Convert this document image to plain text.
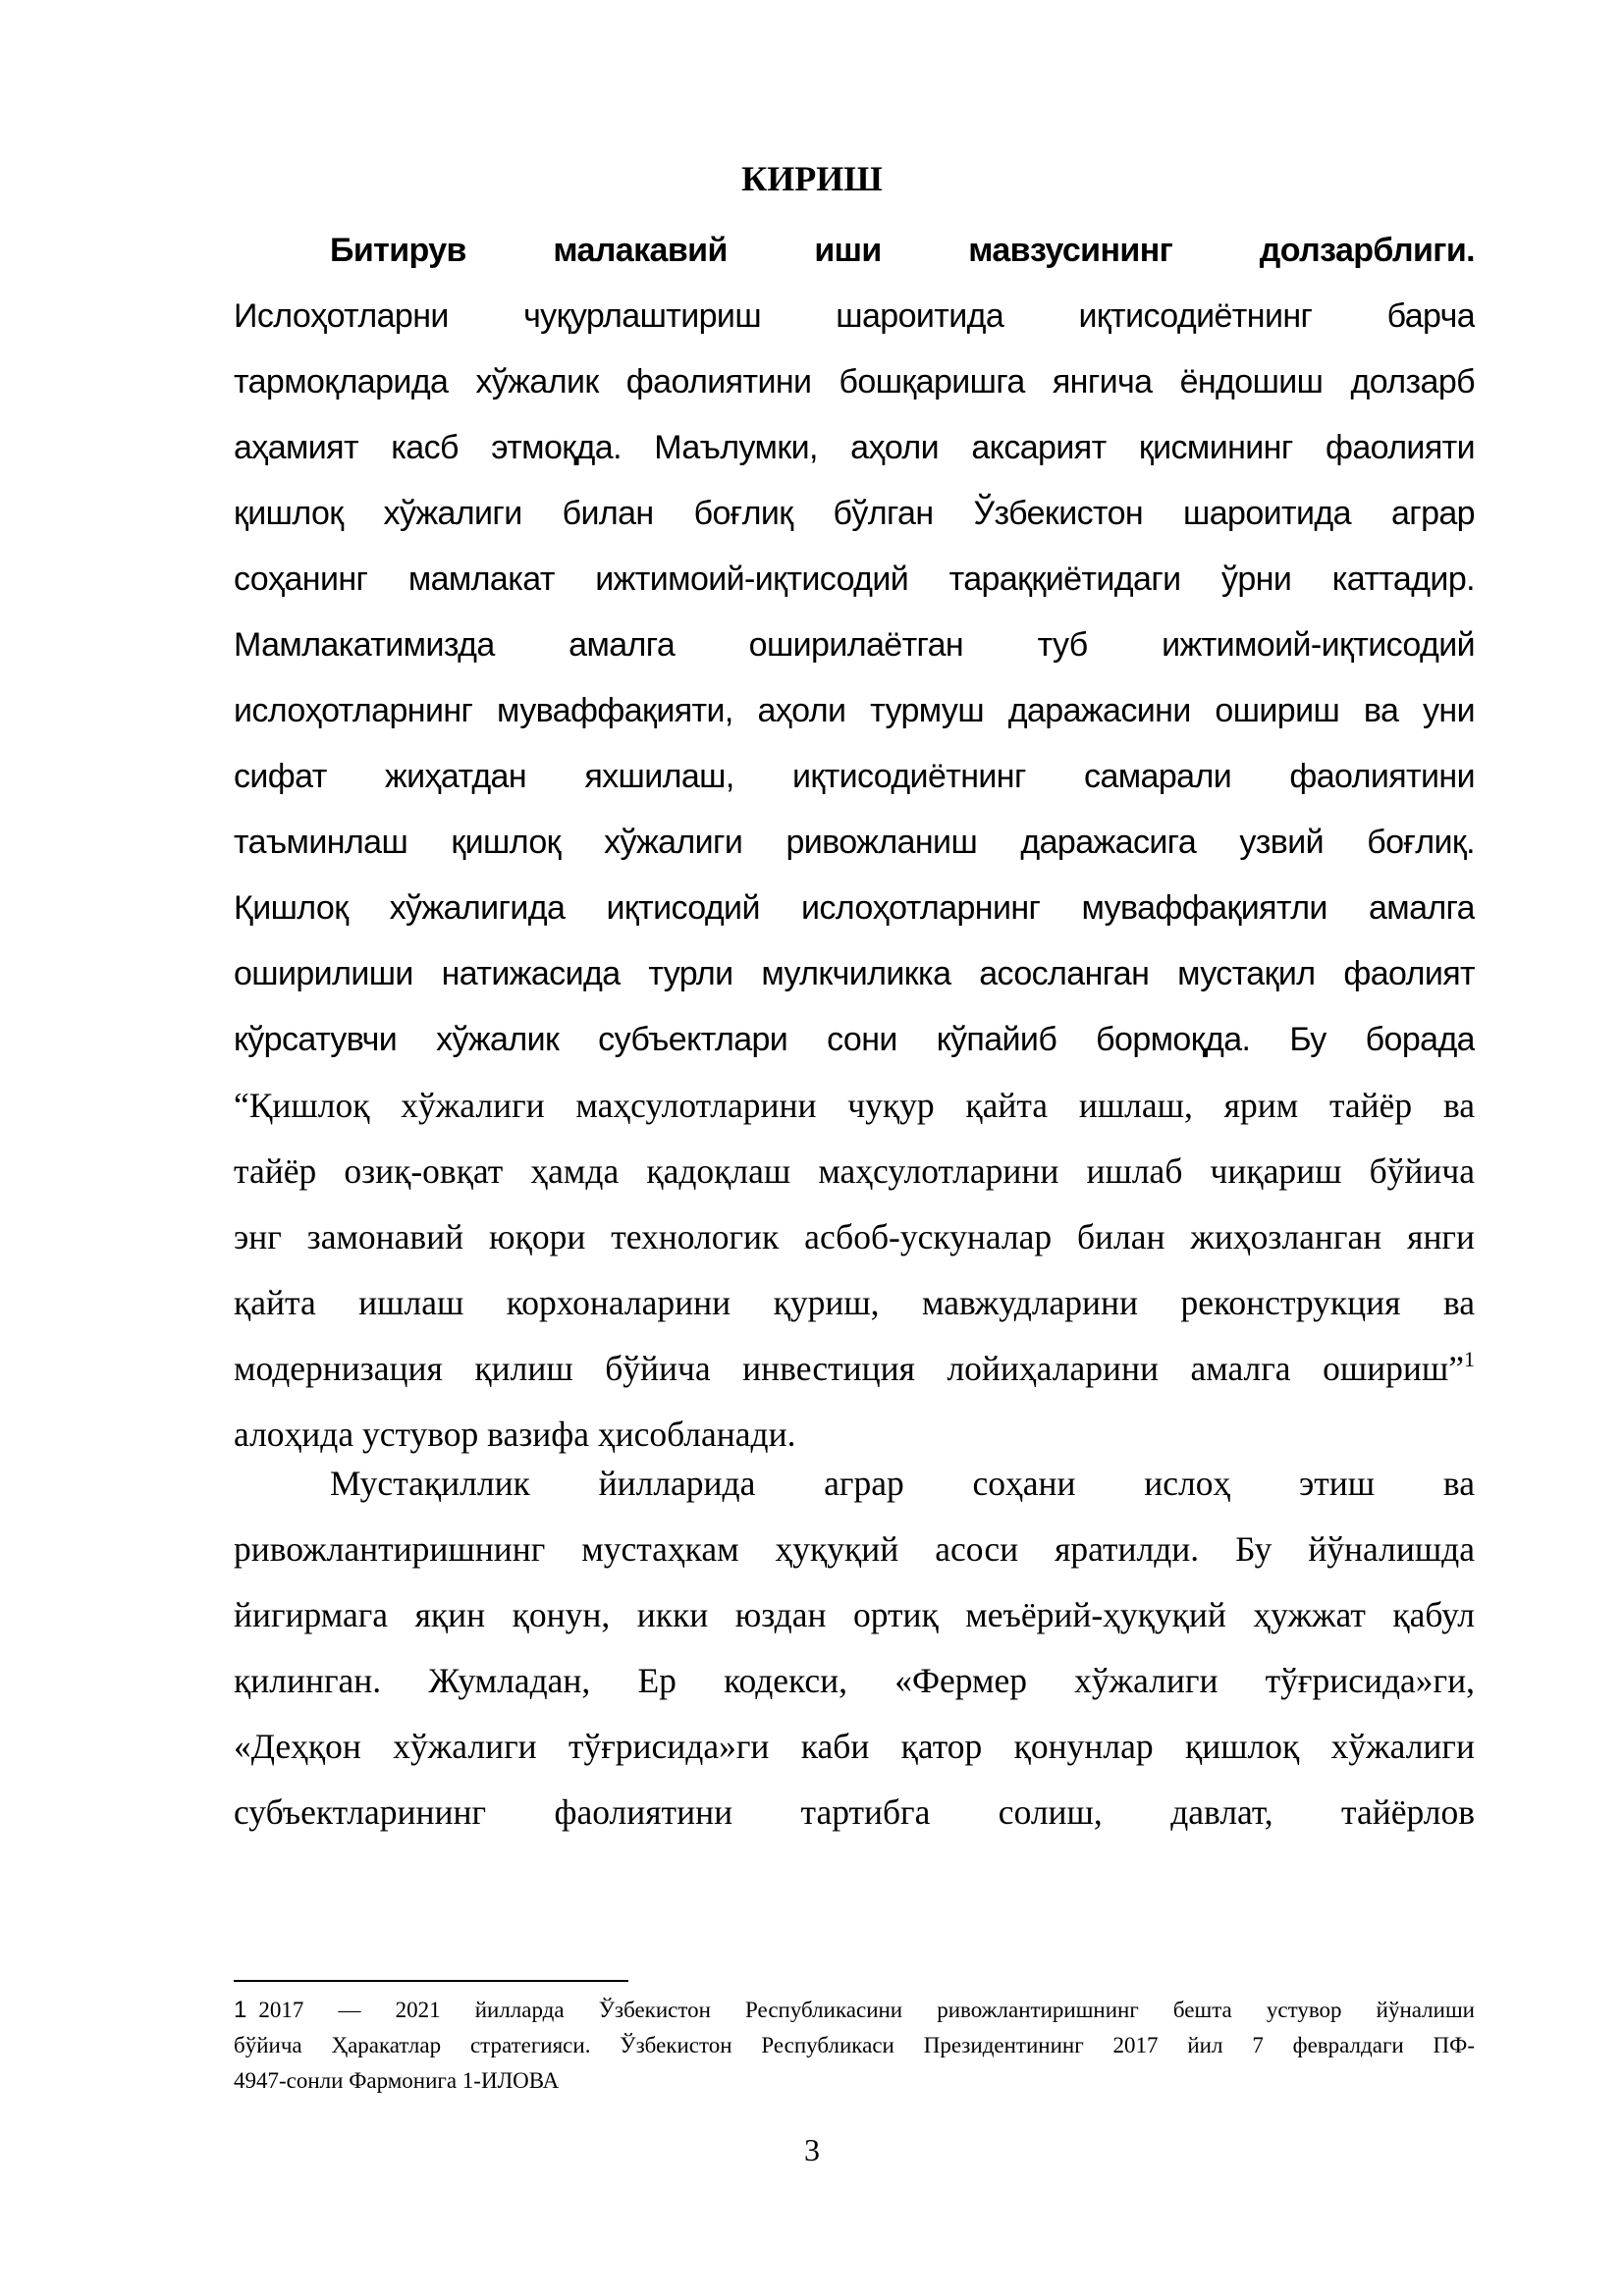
КИРИШ
Битирув малакавий иши мавзусининг долзарблиги.
Ислоҳотларни чуқурлаштириш шароитида иқтисодиётнинг барча
тармоқларида хўжалик фаолиятини бошқаришга янгича ёндошиш долзарб
аҳамият касб этмоқда. Маълумки, аҳоли аксарият қисмининг фаолияти
қишлоқ хўжалиги билан боғлиқ бўлган Ўзбекистон шароитида аграр
соҳанинг мамлакат ижтимоий-иқтисодий тараққиётидаги ўрни каттадир.
Мамлакатимизда амалга оширилаётган туб ижтимоий-иқтисодий
ислоҳотларнинг муваффақияти, аҳоли турмуш даражасини ошириш ва уни
сифат жиҳатдан яхшилаш, иқтисодиётнинг самарали фаолиятини
таъминлаш қишлоқ хўжалиги ривожланиш даражасига узвий боғлиқ.
Қишлоқ хўжалигида иқтисодий ислоҳотларнинг муваффақиятли амалга
оширилиши натижасида турли мулкчиликка асосланган мустақил фаолият
кўрсатувчи хўжалик субъектлари сони кўпайиб бормоқда. Бу борада
“Қишлоқ хўжалиги маҳсулотларини чуқур қайта ишлаш, ярим тайёр ва
тайёр озиқ-овқат ҳамда қадоқлаш маҳсулотларини ишлаб чиқариш бўйича
энг замонавий юқори технологик асбоб-ускуналар билан жиҳозланган янги
қайта ишлаш корхоналарини қуриш, мавжудларини реконструкция ва
модернизация қилиш бўйича инвестиция лойиҳаларини амалга ошириш”$^1$
алоҳида устувор вазифа ҳисобланади.
Мустақиллик йилларида аграр соҳани ислоҳ этиш ва
ривожлантиришнинг мустаҳкам ҳуқуқий асоси яратилди. Бу йўналишда
йигирмага яқин қонун, икки юздан ортиқ меъёрий-ҳуқуқий ҳужжат қабул
қилинган. Жумладан, Ер кодекси, «Фермер хўжалиги тўғрисида»ги,
«Деҳқон хўжалиги тўғрисида»ги каби қатор қонунлар қишлоқ хўжалиги
субъектларининг фаолиятини тартибга солиш, давлат, тайёрлов
1 2017 — 2021 йилларда Ўзбекистон Республикасини ривожлантиришнинг бешта устувор йўналиши
бўйича Ҳаракатлар стратегияси. Ўзбекистон Республикаси Президентининг 2017 йил 7 февралдаги ПФ-
4947-сонли Фармонига 1-ИЛОВА
3
